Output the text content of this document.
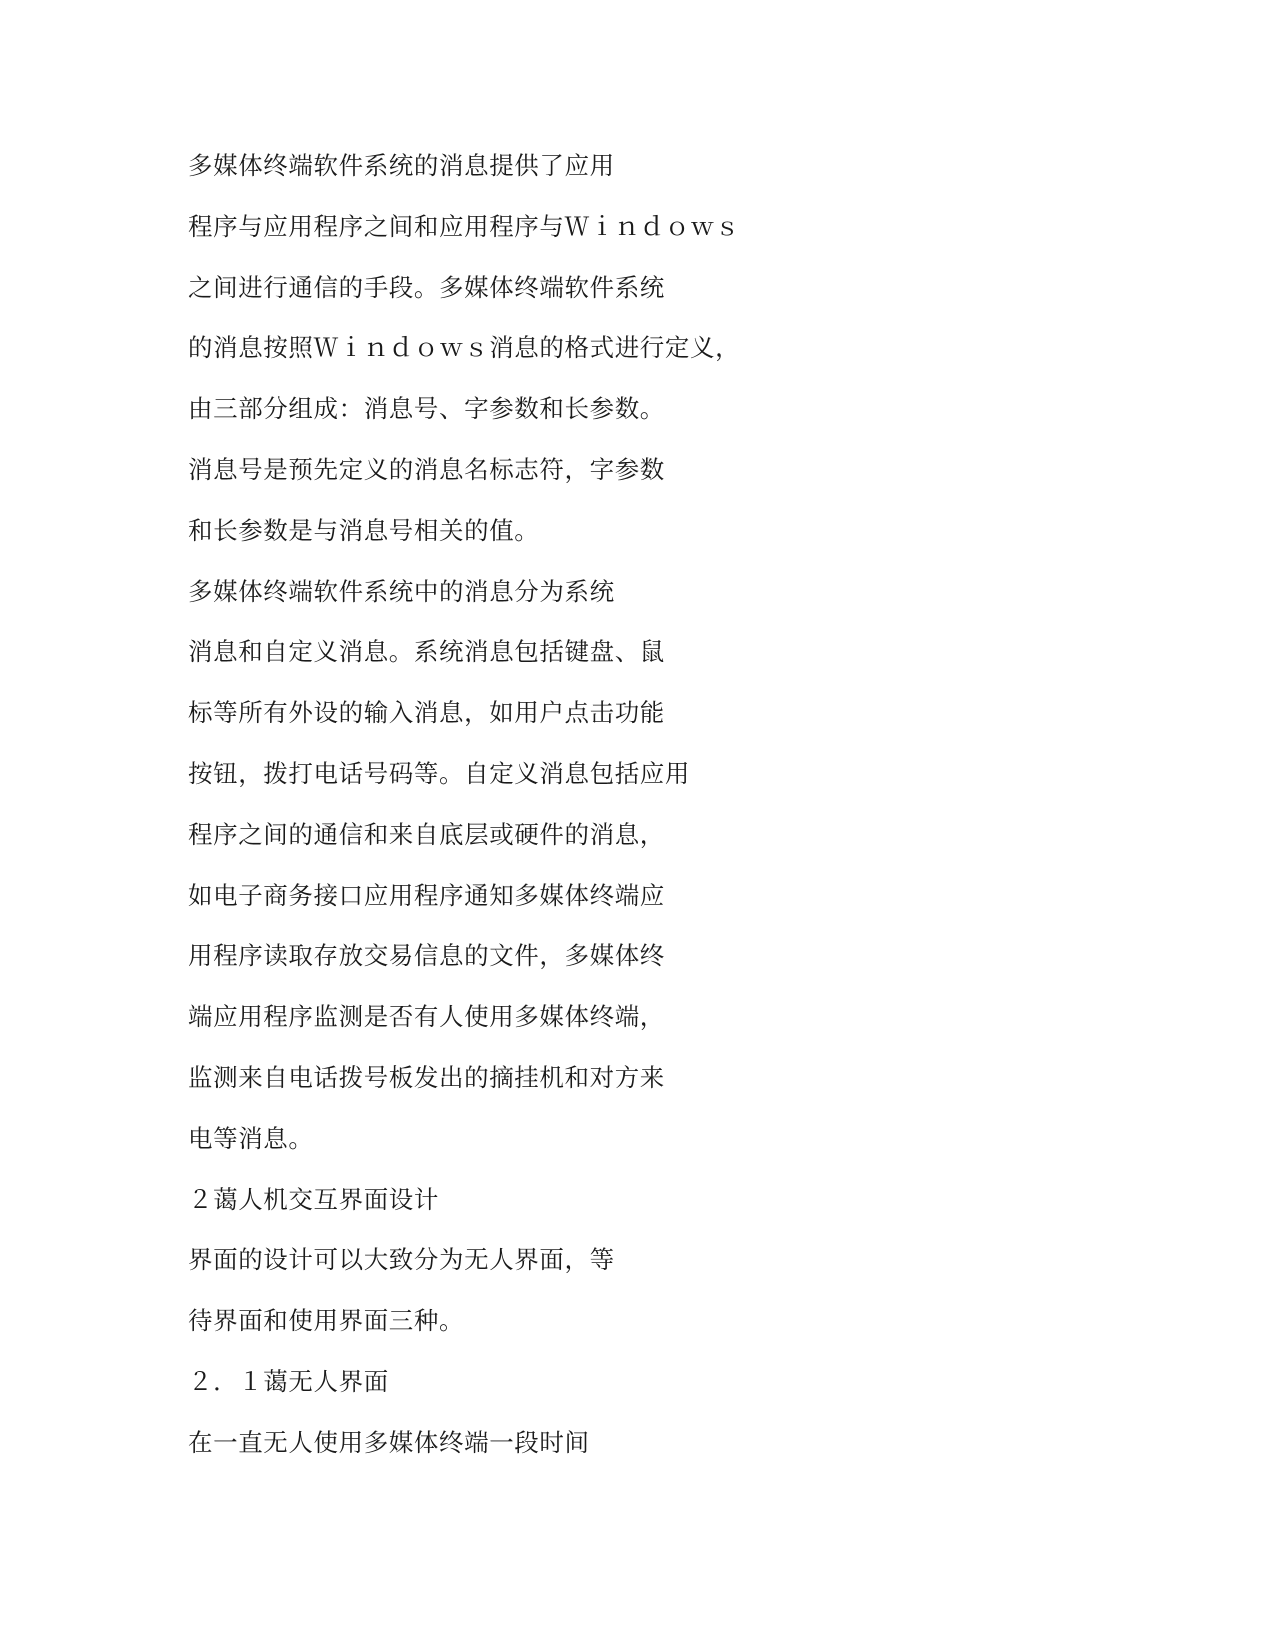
多媒体终端软件系统的消息提供了应用
程序与应用程序之间和应用程序与Ｗｉｎｄｏｗｓ
之间进行通信的手段。多媒体终端软件系统
的消息按照Ｗｉｎｄｏｗｓ消息的格式进行定义，
由三部分组成：消息号、字参数和长参数。
消息号是预先定义的消息名标志符，字参数
和长参数是与消息号相关的值。
多媒体终端软件系统中的消息分为系统
消息和自定义消息。系统消息包括键盘、鼠
标等所有外设的输入消息，如用户点击功能
按钮，拨打电话号码等。自定义消息包括应用
程序之间的通信和来自底层或硬件的消息，
如电子商务接口应用程序通知多媒体终端应
用程序读取存放交易信息的文件，多媒体终
端应用程序监测是否有人使用多媒体终端，
监测来自电话拨号板发出的摘挂机和对方来
电等消息。
２蔼人机交互界面设计
界面的设计可以大致分为无人界面，等
待界面和使用界面三种。
２．１蔼无人界面
在一直无人使用多媒体终端一段时间
